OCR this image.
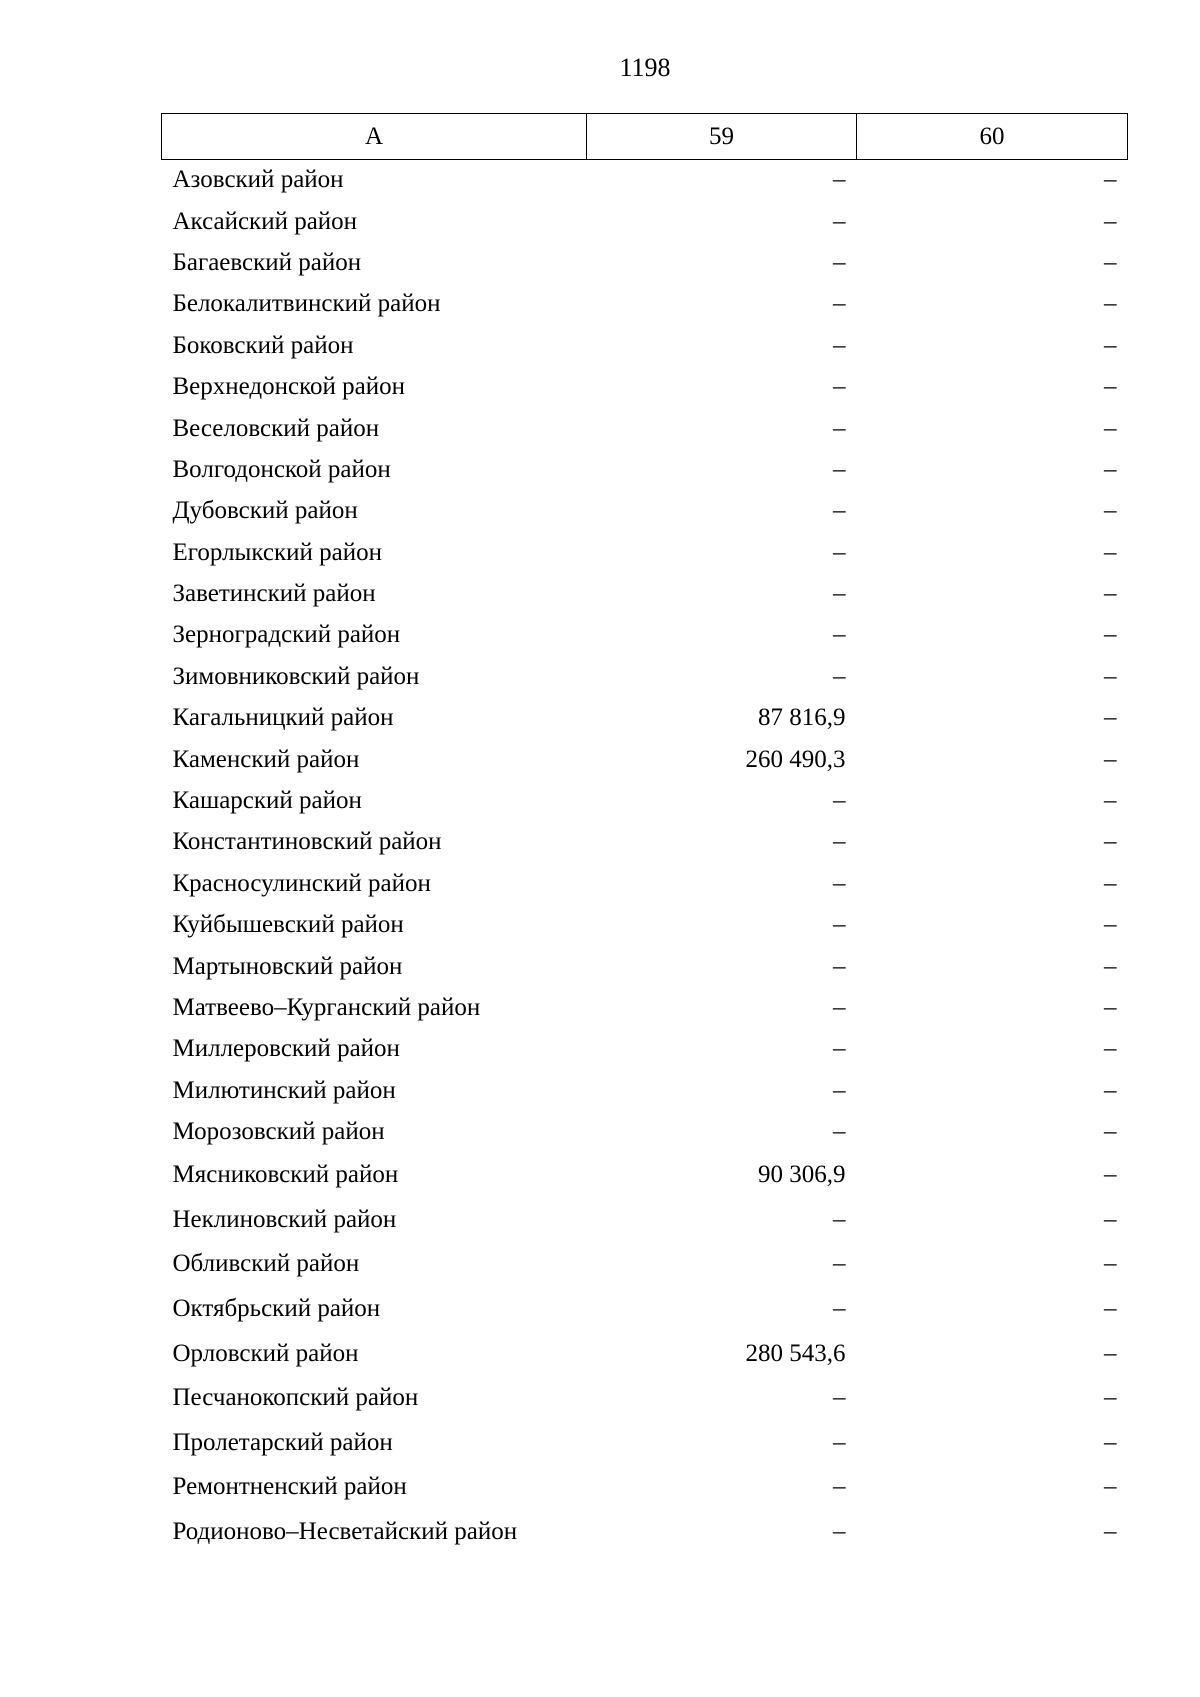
1198
A	59	60
Азовский район	–	–
Аксайский район	–	–
Багаевский район	–	–
Белокалитвинский район	–	–
Боковский район	–	–
Верхнедонской район	–	–
Веселовский район	–	–
Волгодонской район	–	–
Дубовский район	–	–
Егорлыкский район	–	–
Заветинский район	–	–
Зерноградский район	–	–
Зимовниковский район	–	–
Кагальницкий район	87 816,9	–
Каменский район	260 490,3	–
Кашарский район	–	–
Константиновский район	–	–
Красносулинский район	–	–
Куйбышевский район	–	–
Мартыновский район	–	–
Матвеево–Курганский район	–	–
Миллеровский район	–	–
Милютинский район	–	–
Морозовский район	–	–
Мясниковский район	90 306,9	–
Неклиновский район	–	–
Обливский район	–	–
Октябрьский район	–	–
Орловский район	280 543,6	–
Песчанокопский район	–	–
Пролетарский район	–	–
Ремонтненский район	–	–
Родионово–Несветайский район	–	–
